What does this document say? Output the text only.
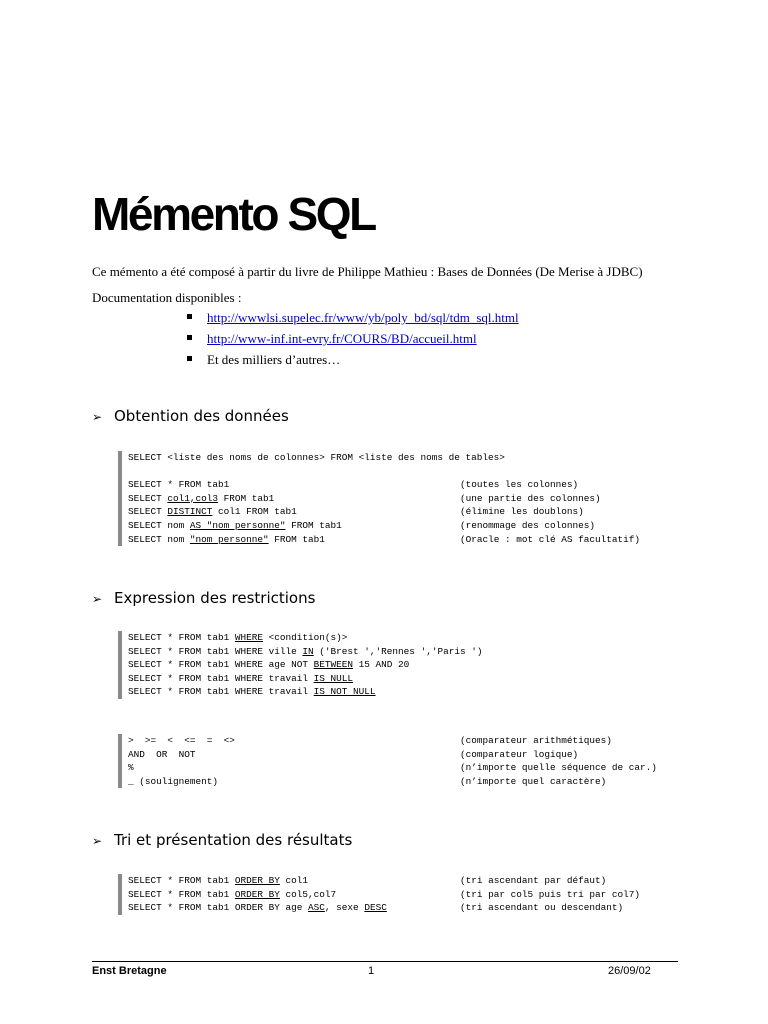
Mémento SQL

Ce mémento a été composé à partir du livre de Philippe Mathieu : Bases de Données (De Merise à JDBC)

Documentation disponibles :

http://wwwlsi.supelec.fr/www/yb/poly_bd/sql/tdm_sql.html
http://www-inf.int-evry.fr/COURS/BD/accueil.html
Et des milliers d’autres…
➢ Obtention des données
SELECT <liste des noms de colonnes> FROM <liste des noms de tables>
SELECT * FROM tab1	(toutes les colonnes)
SELECT col1,col3 FROM tab1	(une partie des colonnes)
SELECT DISTINCT col1 FROM tab1	(élimine les doublons)
SELECT nom AS "nom personne" FROM tab1	(renommage des colonnes)
SELECT nom "nom personne" FROM tab1	(Oracle : mot clé AS facultatif)
➢ Expression des restrictions
SELECT * FROM tab1 WHERE <condition(s)>
SELECT * FROM tab1 WHERE ville IN ('Brest ','Rennes ','Paris ')
SELECT * FROM tab1 WHERE age NOT BETWEEN 15 AND 20
SELECT * FROM tab1 WHERE travail IS NULL
SELECT * FROM tab1 WHERE travail IS NOT NULL
>  >=  <  <=  =  <>	(comparateur arithmétiques)
AND  OR  NOT	(comparateur logique)
%	(n’importe quelle séquence de car.)
_ (soulignement)	(n’importe quel caractère)
➢ Tri et présentation des résultats
SELECT * FROM tab1 ORDER BY col1	(tri ascendant par défaut)
SELECT * FROM tab1 ORDER BY col5,col7	(tri par col5 puis tri par col7)
SELECT * FROM tab1 ORDER BY age ASC, sexe DESC	(tri ascendant ou descendant)
Enst Bretagne	1	26/09/02
